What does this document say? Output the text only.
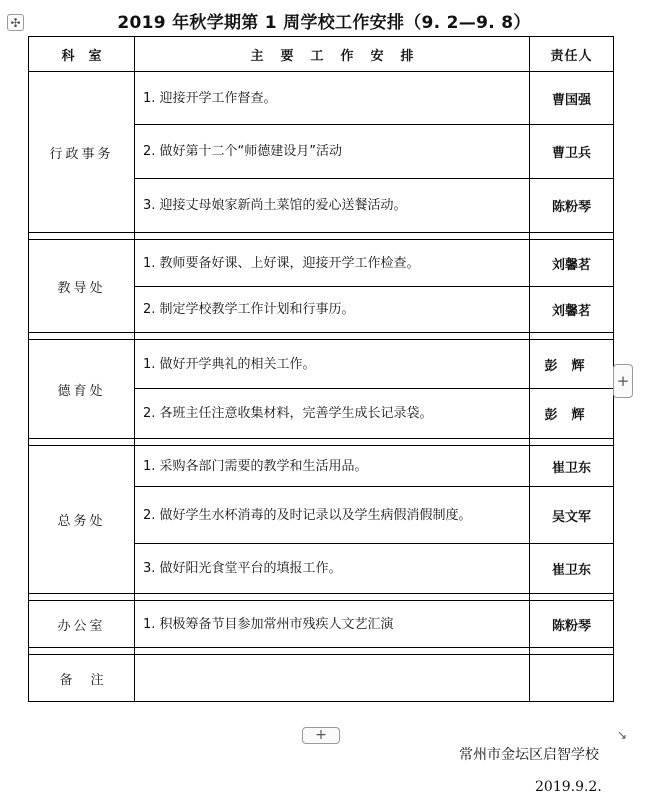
✣	2019 年秋学期第 1 周学校工作安排（9. 2—9. 8）
科室	主要工作安排	责任人
行政事务	1. 迎接开学工作督查。	曹国强
	2. 做好第十二个“师德建设月”活动	曹卫兵
	3. 迎接丈母娘家新尚土菜馆的爱心送餐活动。	陈粉琴

教导处	1. 教师要备好课、上好课，迎接开学工作检查。	刘馨茗
	2. 制定学校教学工作计划和行事历。	刘馨茗

德育处	1. 做好开学典礼的相关工作。	彭辉
	2. 各班主任注意收集材料，完善学生成长记录袋。	彭辉

总务处	1. 采购各部门需要的教学和生活用品。	崔卫东
	2. 做好学生水杯消毒的及时记录以及学生病假消假制度。	吴文军
	3. 做好阳光食堂平台的填报工作。	崔卫东

办公室	1. 积极筹备节目参加常州市残疾人文艺汇演	陈粉琴

备注		
+
+	↘
常州市金坛区启智学校
2019.9.2.
